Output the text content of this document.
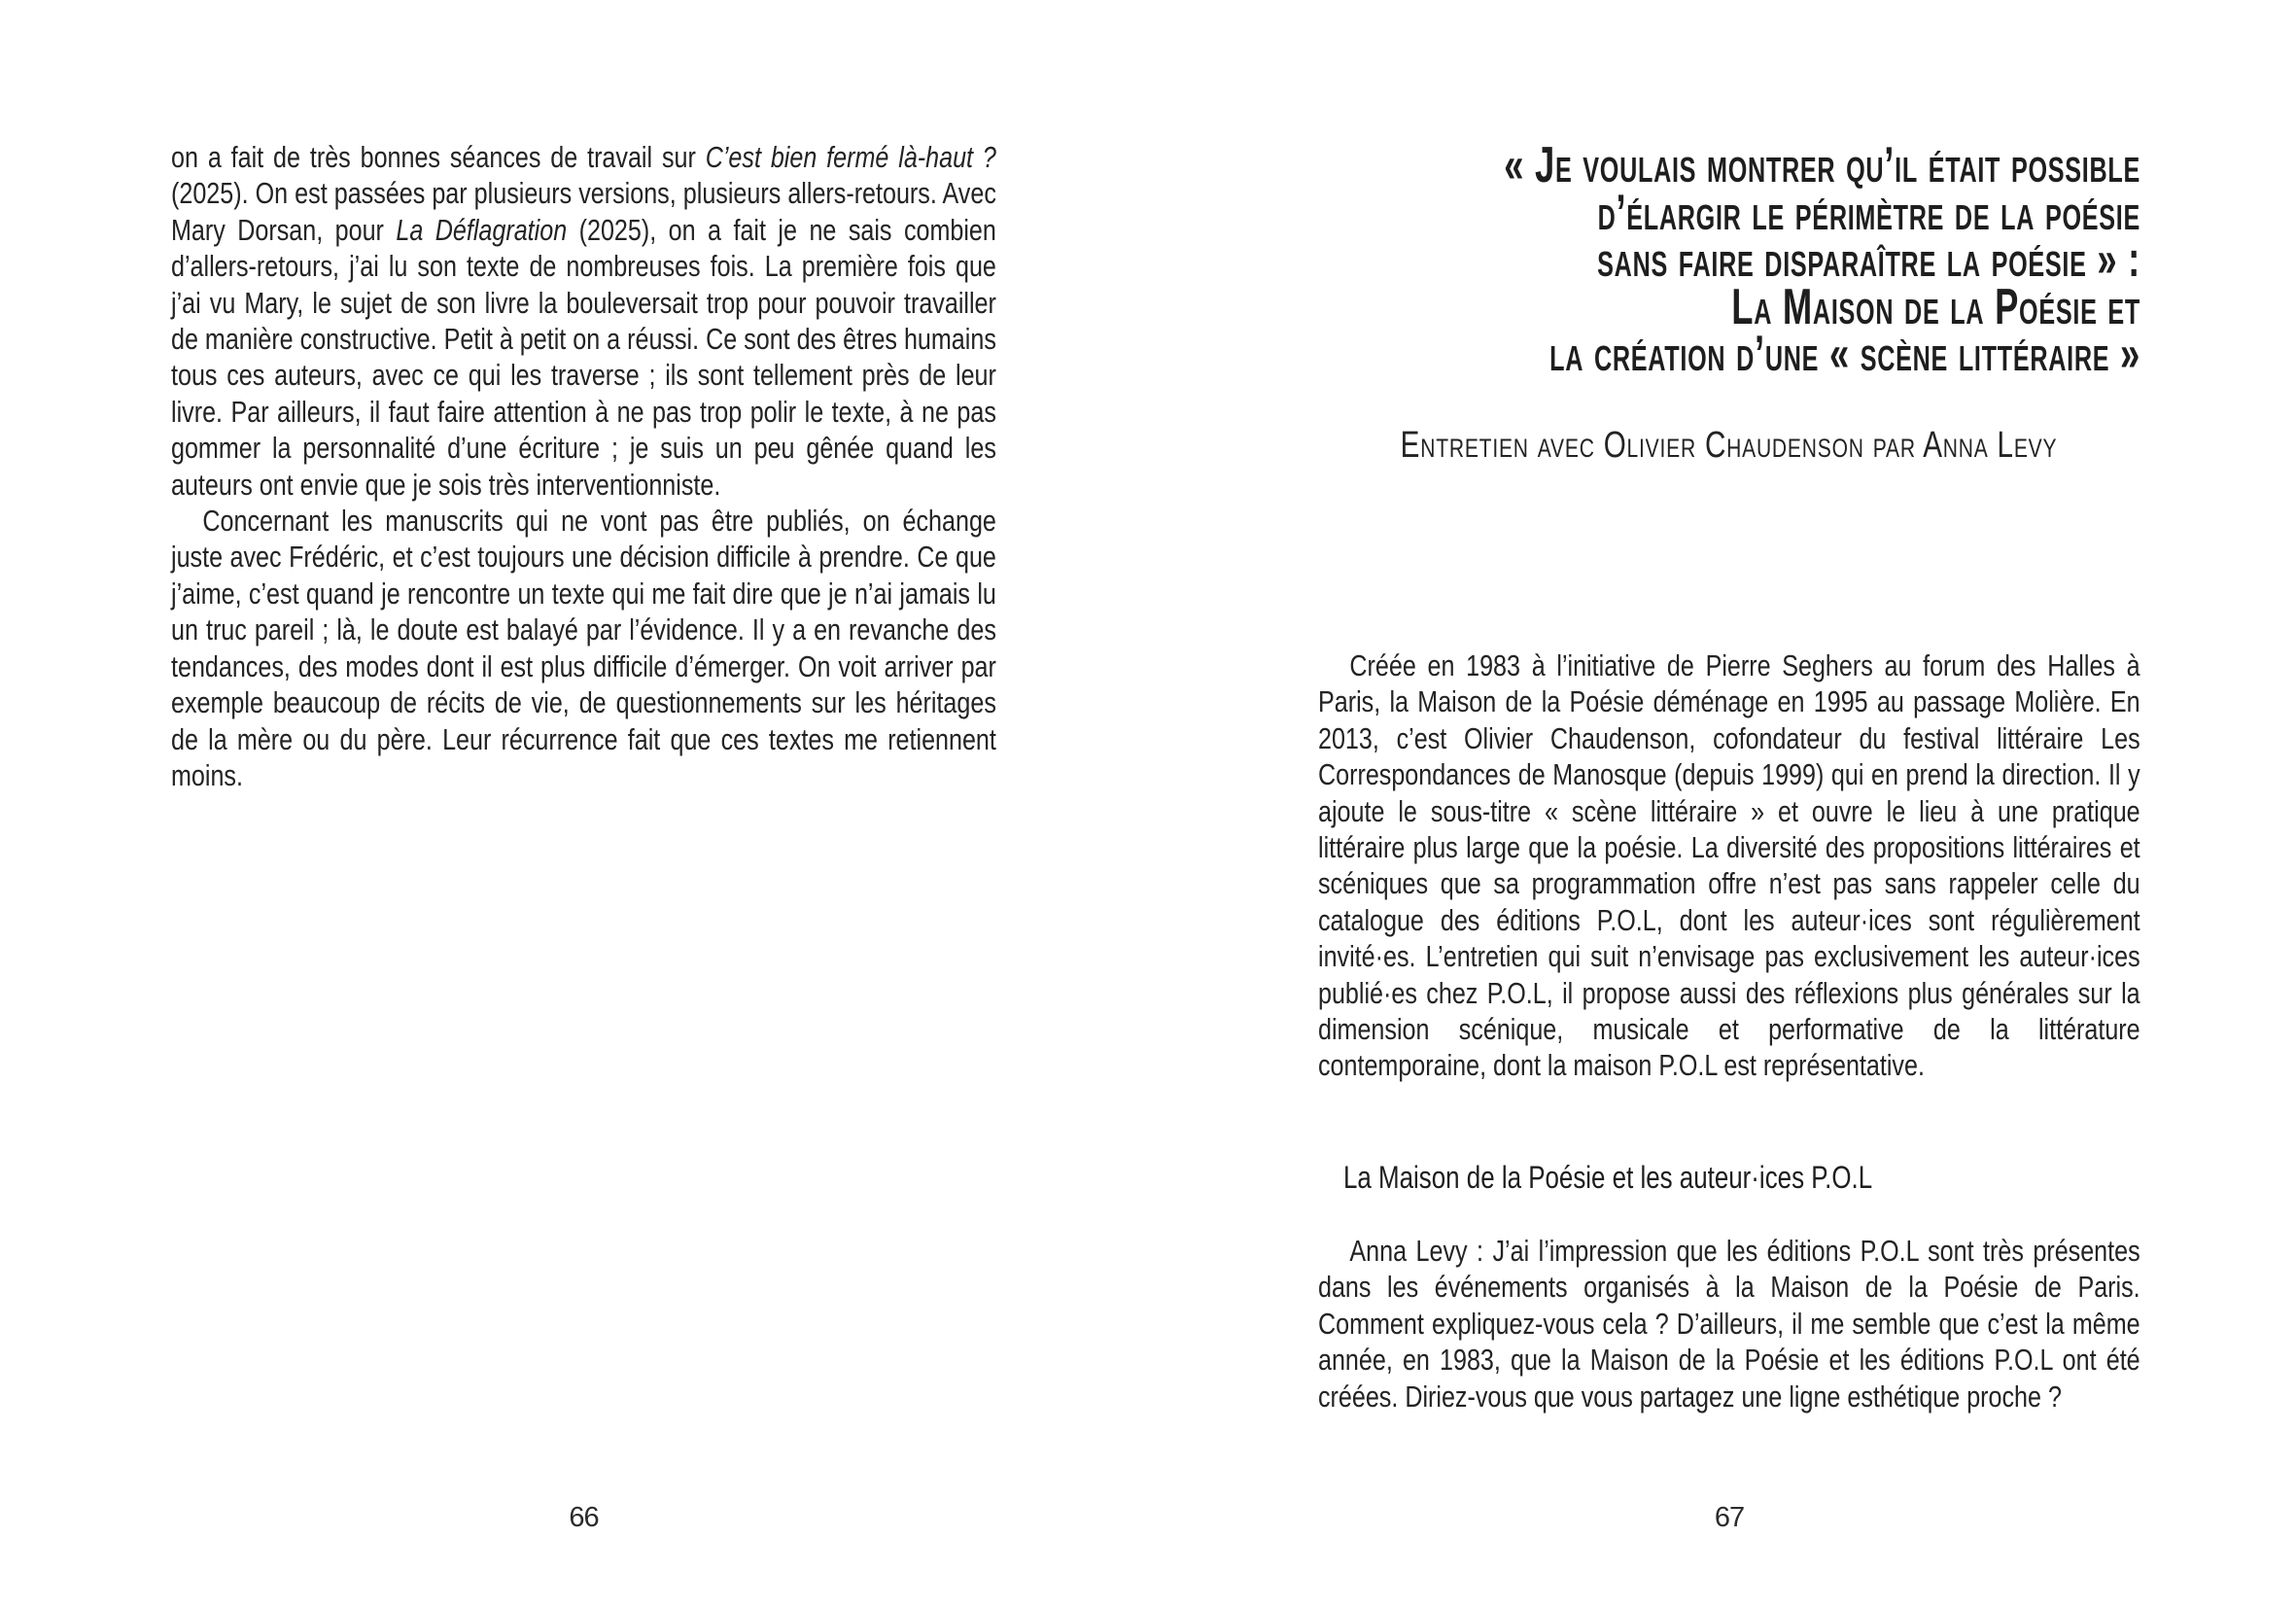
on a fait de très bonnes séances de travail sur C’est bien fermé là-haut ? (2025). On est passées par plusieurs versions, plusieurs allers-retours. Avec Mary Dorsan, pour La Déflagration (2025), on a fait je ne sais combien d’allers-retours, j’ai lu son texte de nombreuses fois. La première fois que j’ai vu Mary, le sujet de son livre la bouleversait trop pour pouvoir travailler de manière constructive. Petit à petit on a réussi. Ce sont des êtres humains tous ces auteurs, avec ce qui les traverse ; ils sont tellement près de leur livre. Par ailleurs, il faut faire attention à ne pas trop polir le texte, à ne pas gommer la personnalité d’une écriture ; je suis un peu gênée quand les auteurs ont envie que je sois très interventionniste.

Concernant les manuscrits qui ne vont pas être publiés, on échange juste avec Frédéric, et c’est toujours une décision difficile à prendre. Ce que j’aime, c’est quand je rencontre un texte qui me fait dire que je n’ai jamais lu un truc pareil ; là, le doute est balayé par l’évidence. Il y a en revanche des tendances, des modes dont il est plus difficile d’émerger. On voit arriver par exemple beaucoup de récits de vie, de questionnements sur les héritages de la mère ou du père. Leur récurrence fait que ces textes me retiennent moins.

66
« Je voulais montrer qu’il était possible
d’élargir le périmètre de la poésie
sans faire disparaître la poésie » :
La Maison de la Poésie et
la création d’une « scène littéraire »
Entretien avec Olivier Chaudenson par Anna Levy

Créée en 1983 à l’initiative de Pierre Seghers au forum des Halles à Paris, la Maison de la Poésie déménage en 1995 au passage Molière. En 2013, c’est Olivier Chaudenson, cofondateur du festival littéraire Les Correspondances de Manosque (depuis 1999) qui en prend la direction. Il y ajoute le sous-titre « scène littéraire » et ouvre le lieu à une pratique littéraire plus large que la poésie. La diversité des propositions littéraires et scéniques que sa programmation offre n’est pas sans rappeler celle du catalogue des éditions P.O.L, dont les auteur·ices sont régulièrement invité·es. L’entretien qui suit n’envisage pas exclusivement les auteur·ices publié·es chez P.O.L, il propose aussi des réflexions plus générales sur la dimension scénique, musicale et performative de la littérature contemporaine, dont la maison P.O.L est représentative.

La Maison de la Poésie et les auteur·ices P.O.L

Anna Levy : J’ai l’impression que les éditions P.O.L sont très présentes dans les événements organisés à la Maison de la Poésie de Paris. Comment expliquez-vous cela ? D’ailleurs, il me semble que c’est la même année, en 1983, que la Maison de la Poésie et les éditions P.O.L ont été créées. Diriez-vous que vous partagez une ligne esthétique proche ?

67
